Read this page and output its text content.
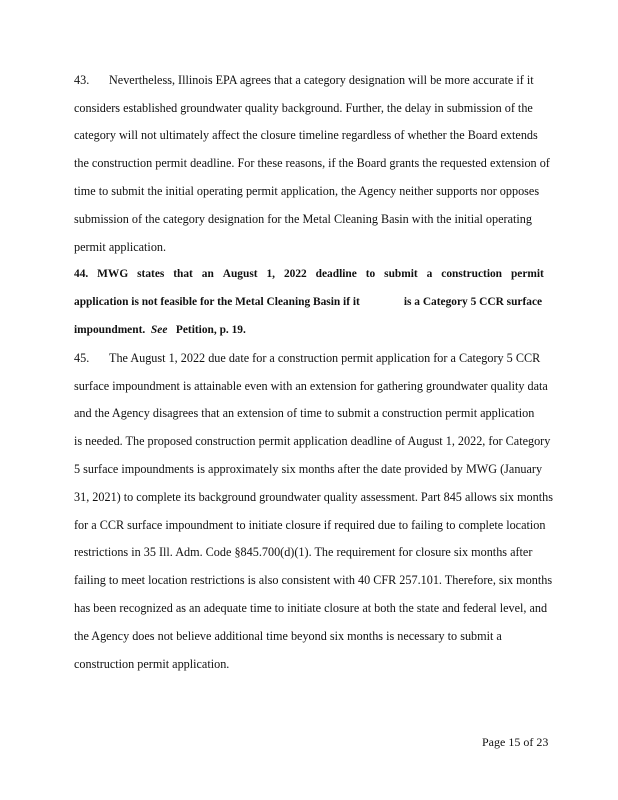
43. Nevertheless, Illinois EPA agrees that a category designation will be more accurate if it
considers established groundwater quality background. Further, the delay in submission of the
category will not ultimately affect the closure timeline regardless of whether the Board extends
the construction permit deadline. For these reasons, if the Board grants the requested extension of
time to submit the initial operating permit application, the Agency neither supports nor opposes
submission of the category designation for the Metal Cleaning Basin with the initial operating
permit application.
44. MWG states that an August 1, 2022 deadline to submit a construction permit
application is not feasible for the Metal Cleaning Basin if it	is a Category 5 CCR surface
impoundment. See Petition, p. 19.
45. The August 1, 2022 due date for a construction permit application for a Category 5 CCR
surface impoundment is attainable even with an extension for gathering groundwater quality data
and the Agency disagrees that an extension of time to submit a construction permit application
is needed. The proposed construction permit application deadline of August 1, 2022, for Category
5 surface impoundments is approximately six months after the date provided by MWG (January
31, 2021) to complete its background groundwater quality assessment. Part 845 allows six months
for a CCR surface impoundment to initiate closure if required due to failing to complete location
restrictions in 35 Ill. Adm. Code §845.700(d)(1). The requirement for closure six months after
failing to meet location restrictions is also consistent with 40 CFR 257.101. Therefore, six months
has been recognized as an adequate time to initiate closure at both the state and federal level, and
the Agency does not believe additional time beyond six months is necessary to submit a
construction permit application.
Page 15 of 23
